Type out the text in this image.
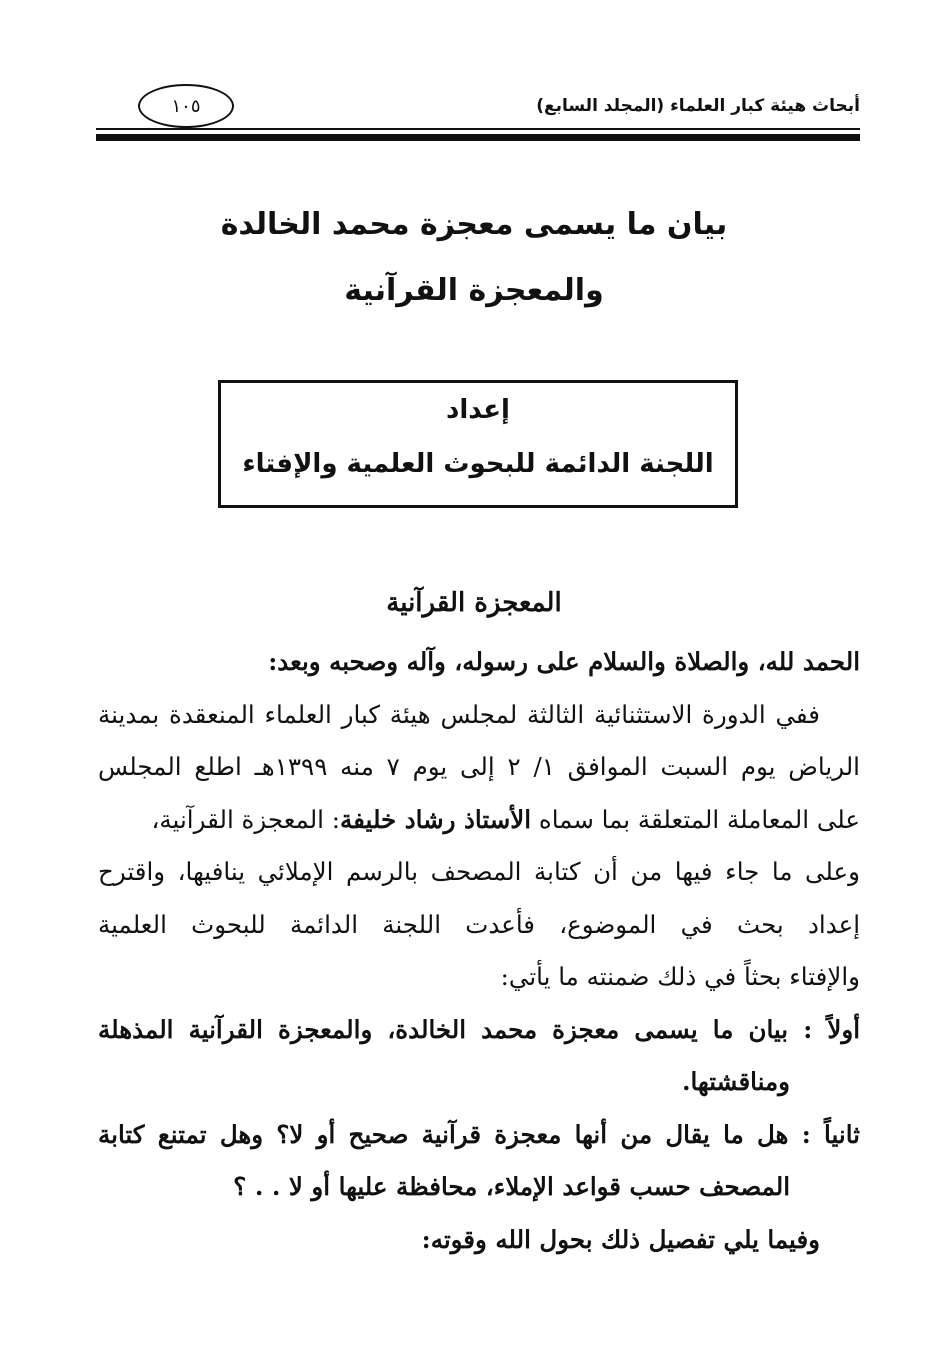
أبحاث هيئة كبار العلماء (المجلد السابع)
١٠٥
بيان ما يسمى معجزة محمد الخالدة
والمعجزة القرآنية
إعداد
اللجنة الدائمة للبحوث العلمية والإفتاء
المعجزة القرآنية
الحمد لله، والصلاة والسلام على رسوله، وآله وصحبه وبعد:
ففي الدورة الاستثنائية الثالثة لمجلس هيئة كبار العلماء المنعقدة بمدينة
الرياض يوم السبت الموافق ١/ ٢ إلى يوم ٧ منه ١٣٩٩هـ اطلع المجلس
على المعاملة المتعلقة بما سماه الأستاذ رشاد خليفة: المعجزة القرآنية،
وعلى ما جاء فيها من أن كتابة المصحف بالرسم الإملائي ينافيها، واقترح
إعداد بحث في الموضوع، فأعدت اللجنة الدائمة للبحوث العلمية
والإفتاء بحثاً في ذلك ضمنته ما يأتي:
أولاً : بيان ما يسمى معجزة محمد الخالدة، والمعجزة القرآنية المذهلة
ومناقشتها.
ثانياً : هل ما يقال من أنها معجزة قرآنية صحيح أو لا؟ وهل تمتنع كتابة
المصحف حسب قواعد الإملاء، محافظة عليها أو لا . . ؟
وفيما يلي تفصيل ذلك بحول الله وقوته:
